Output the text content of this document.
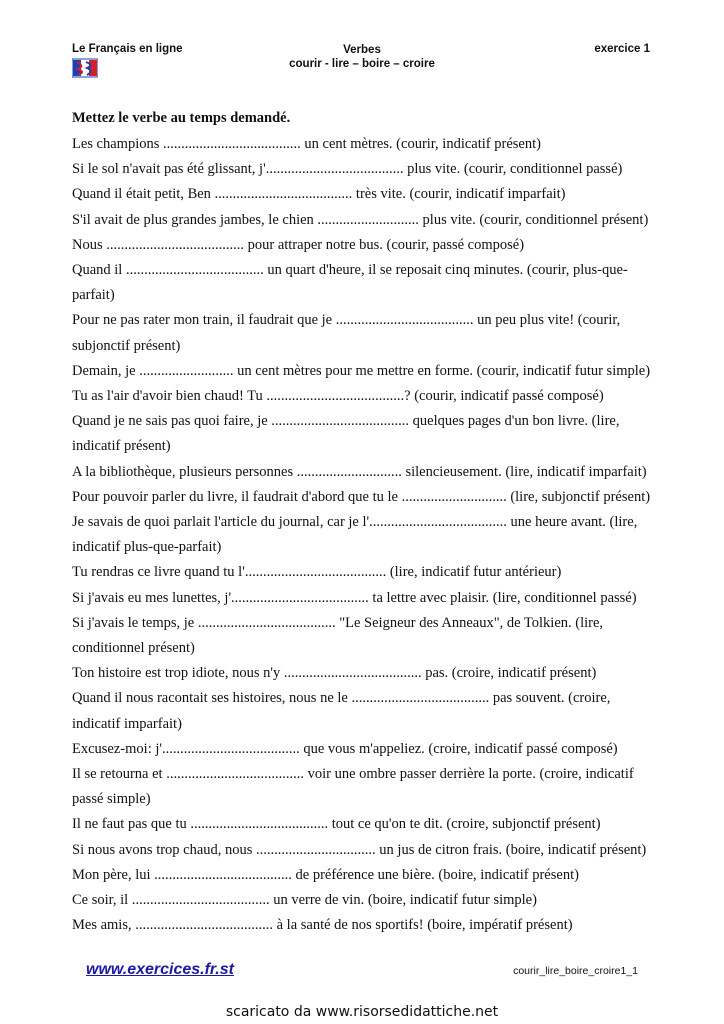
Le Français en ligne	Verbes
courir - lire – boire – croire
exercice 1
Mettez le verbe au temps demandé.

Les champions ...................................... un cent mètres. (courir, indicatif présent)

Si le sol n'avait pas été glissant, j'...................................... plus vite. (courir, conditionnel passé)

Quand il était petit, Ben ...................................... très vite. (courir, indicatif imparfait)

S'il avait de plus grandes jambes, le chien ............................ plus vite. (courir, conditionnel présent)

Nous ...................................... pour attraper notre bus. (courir, passé composé)

Quand il ...................................... un quart d'heure, il se reposait cinq minutes. (courir, plus-que-parfait)

Pour ne pas rater mon train, il faudrait que je ...................................... un peu plus vite! (courir, subjonctif présent)

Demain, je .......................... un cent mètres pour me mettre en forme. (courir, indicatif futur simple)

Tu as l'air d'avoir bien chaud! Tu ......................................? (courir, indicatif passé composé)

Quand je ne sais pas quoi faire, je ...................................... quelques pages d'un bon livre. (lire, indicatif présent)

A la bibliothèque, plusieurs personnes ............................. silencieusement. (lire, indicatif imparfait)

Pour pouvoir parler du livre, il faudrait d'abord que tu le ............................. (lire, subjonctif présent)

Je savais de quoi parlait l'article du journal, car je l'...................................... une heure avant. (lire, indicatif plus-que-parfait)

Tu rendras ce livre quand tu l'....................................... (lire, indicatif futur antérieur)

Si j'avais eu mes lunettes, j'...................................... ta lettre avec plaisir. (lire, conditionnel passé)

Si j'avais le temps, je ...................................... "Le Seigneur des Anneaux", de Tolkien. (lire, conditionnel présent)

Ton histoire est trop idiote, nous n'y ...................................... pas. (croire, indicatif présent)

Quand il nous racontait ses histoires, nous ne le ...................................... pas souvent. (croire, indicatif imparfait)

Excusez-moi: j'...................................... que vous m'appeliez. (croire, indicatif passé composé)

Il se retourna et ...................................... voir une ombre passer derrière la porte. (croire, indicatif passé simple)

Il ne faut pas que tu ...................................... tout ce qu'on te dit. (croire, subjonctif présent)

Si nous avons trop chaud, nous ................................. un jus de citron frais. (boire, indicatif présent)

Mon père, lui ...................................... de préférence une bière. (boire, indicatif présent)

Ce soir, il ...................................... un verre de vin. (boire, indicatif futur simple)

Mes amis, ...................................... à la santé de nos sportifs! (boire, impératif présent)

www.exercices.fr.st	courir_lire_boire_croire1_1
scaricato da www.risorsedidattiche.net
